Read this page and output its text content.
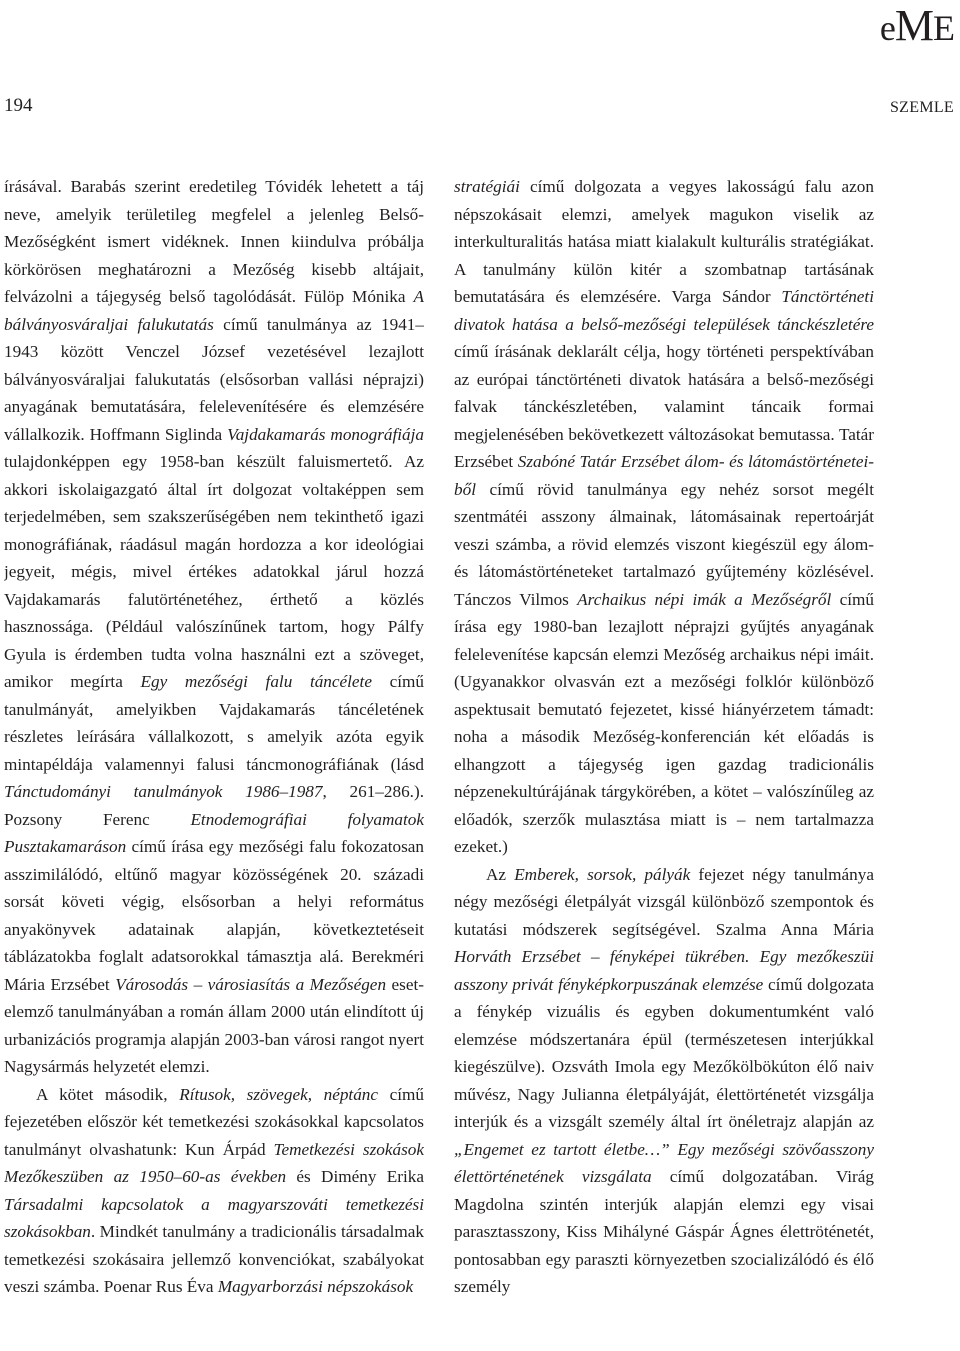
eME
194	SZEMLE

írásával. Barabás szerint eredetileg Tóvidék lehetett a táj neve, amelyik területileg megfelel a jelenleg Belső-Mezőségként ismert vidéknek. Innen kiindulva próbálja körkörösen meghatározni a Mezőség kisebb altájait, felvázolni a tájegység belső tagolódását. Fülöp Mónika A bálványosváraljai falukutatás című tanulmánya az 1941–1943 között Venczel József vezetésével lezajlott bálványosváraljai falukutatás (elsősorban vallási néprajzi) anyagának bemutatására, felelevenítésére és elemzésére vállalkozik. Hoffmann Siglinda Vajdakamarás monográfiája tulajdonképpen egy 1958-ban készült faluismertető. Az akkori iskolaigazgató által írt dolgozat voltaképpen sem terjedelmében, sem szakszerűségében nem tekinthető igazi monográfiának, ráadásul magán hordozza a kor ideológiai jegyeit, mégis, mivel értékes adatokkal járul hozzá Vajdakamarás falutörténetéhez, érthető a közlés hasznossága. (Például valószínűnek tartom, hogy Pálfy Gyula is érdemben tudta volna használni ezt a szöveget, amikor megírta Egy mezőségi falu táncélete című tanulmányát, amelyikben Vajdakamarás táncéletének részletes leírására vállalkozott, s amelyik azóta egyik mintapéldája valamennyi falusi táncmonográfiának (lásd Tánctudományi tanulmányok 1986–1987, 261–286.). Pozsony Ferenc Etnodemográfiai folyamatok Pusztakamaráson című írása egy mezőségi falu fokozatosan asszimilálódó, eltűnő magyar közösségének 20. századi sorsát követi végig, elsősorban a helyi református anyakönyvek adatainak alapján, következtetéseit táblázatokba foglalt adatsorokkal támasztja alá. Berekméri Mária Erzsébet Városodás – városiasítás a Mezőségen esetelemző tanulmányában a román állam 2000 után elindított új urbanizációs programja alapján 2003-ban városi rangot nyert Nagysármás helyzetét elemzi.

A kötet második, Rítusok, szövegek, néptánc című fejezetében először két temetkezési szokásokkal kapcsolatos tanulmányt olvashatunk: Kun Árpád Temetkezési szokások Mezőkeszüben az 1950–60-as években és Dimény Erika Társadalmi kapcsolatok a magyarszováti temetkezési szokásokban. Mindkét tanulmány a tradicionális társadalmak temetkezési szokásaira jellemző konvenciókat, szabályokat veszi számba. Poenar Rus Éva Magyarborzási népszokások

stratégiái című dolgozata a vegyes lakosságú falu azon népszokásait elemzi, amelyek magukon viselik az interkulturalitás hatása miatt kialakult kulturális stratégiákat. A tanulmány külön kitér a szombatnap tartásának bemutatására és elemzésére. Varga Sándor Tánctörténeti divatok hatása a belső-mezőségi települések tánckészletére című írásának deklarált célja, hogy történeti perspektívában az európai tánctörténeti divatok hatására a belső-mezőségi falvak tánckészletében, valamint táncaik formai megjelenésében bekövetkezett változásokat bemutassa. Tatár Erzsébet Szabóné Tatár Erzsébet álom- és látomástörténeteiből című rövid tanulmánya egy nehéz sorsot megélt szentmátéi asszony álmainak, látomásainak repertoárját veszi számba, a rövid elemzés viszont kiegészül egy álom- és látomástörténeteket tartalmazó gyűjtemény közlésével. Tánczos Vilmos Archaikus népi imák a Mezőségről című írása egy 1980-ban lezajlott néprajzi gyűjtés anyagának felelevenítése kapcsán elemzi Mezőség archaikus népi imáit. (Ugyanakkor olvasván ezt a mezőségi folklór különböző aspektusait bemutató fejezetet, kissé hiányérzetem támadt: noha a második Mezőség-konferencián két előadás is elhangzott a tájegység igen gazdag tradicionális népzenekultúrájának tárgykörében, a kötet – valószínűleg az előadók, szerzők mulasztása miatt is – nem tartalmazza ezeket.)

Az Emberek, sorsok, pályák fejezet négy tanulmánya négy mezőségi életpályát vizsgál különböző szempontok és kutatási módszerek segítségével. Szalma Anna Mária Horváth Erzsébet – fényképei tükrében. Egy mezőkeszüi asszony privát fényképkorpuszának elemzése című dolgozata a fénykép vizuális és egyben dokumentumként való elemzése módszertanára épül (természetesen interjúkkal kiegészülve). Ozsváth Imola egy Mezőkölbökúton élő naiv művész, Nagy Julianna életpályáját, élettörténetét vizsgálja interjúk és a vizsgált személy által írt önéletrajz alapján az „Engemet ez tartott életbe…” Egy mezőségi szövőasszony élettörténetének vizsgálata című dolgozatában. Virág Magdolna szintén interjúk alapján elemzi egy visai parasztasszony, Kiss Mihályné Gáspár Ágnes élettröténetét, pontosabban egy paraszti környezetben szocializálódó és élő személy
